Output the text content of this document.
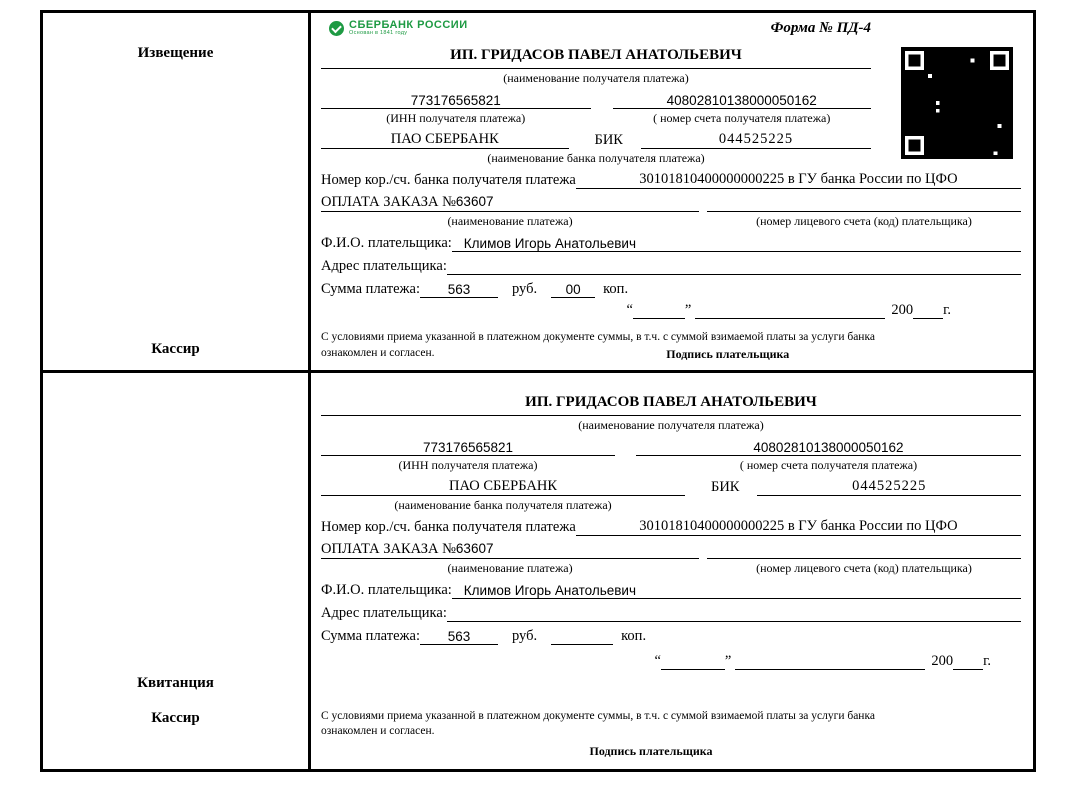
Извещение
Кассир
СБЕРБАНК РОССИИ
Основан в 1841 году	Форма № ПД-4
ИП. ГРИДАСОВ ПАВЕЛ АНАТОЛЬЕВИЧ
(наименование получателя платежа)
773176565821	40802810138000050162
(ИНН получателя платежа)	( номер счета получателя платежа)
ПАО СБЕРБАНК	БИК	044525225
(наименование банка получателя платежа)
Номер кор./сч. банка получателя платежа	30101810400000000225 в ГУ банка России по ЦФО
ОПЛАТА ЗАКАЗА №63607
(наименование платежа)	(номер лицевого счета (код) плательщика)
Ф.И.О. плательщика: Климов Игорь Анатольевич
Адрес плательщика:
Сумма платежа:	563	руб.	00	коп.
“	”	200 г.
С условиями приема указанной в платежном документе суммы, в т.ч. с суммой взимаемой платы за услуги банка
ознакомлен и согласен.	Подпись плательщика
Квитанция
Кассир
ИП. ГРИДАСОВ ПАВЕЛ АНАТОЛЬЕВИЧ
(наименование получателя платежа)
773176565821	40802810138000050162
(ИНН получателя платежа)	( номер счета получателя платежа)
ПАО СБЕРБАНК	БИК	044525225
(наименование банка получателя платежа)
Номер кор./сч. банка получателя платежа	30101810400000000225 в ГУ банка России по ЦФО
ОПЛАТА ЗАКАЗА №63607
(наименование платежа)	(номер лицевого счета (код) плательщика)
Ф.И.О. плательщика: Климов Игорь Анатольевич
Адрес плательщика:
Сумма платежа:	563	руб.	коп.
“	”	200 г.
С условиями приема указанной в платежном документе суммы, в т.ч. с суммой взимаемой платы за услуги банка
ознакомлен и согласен.
Подпись плательщика
